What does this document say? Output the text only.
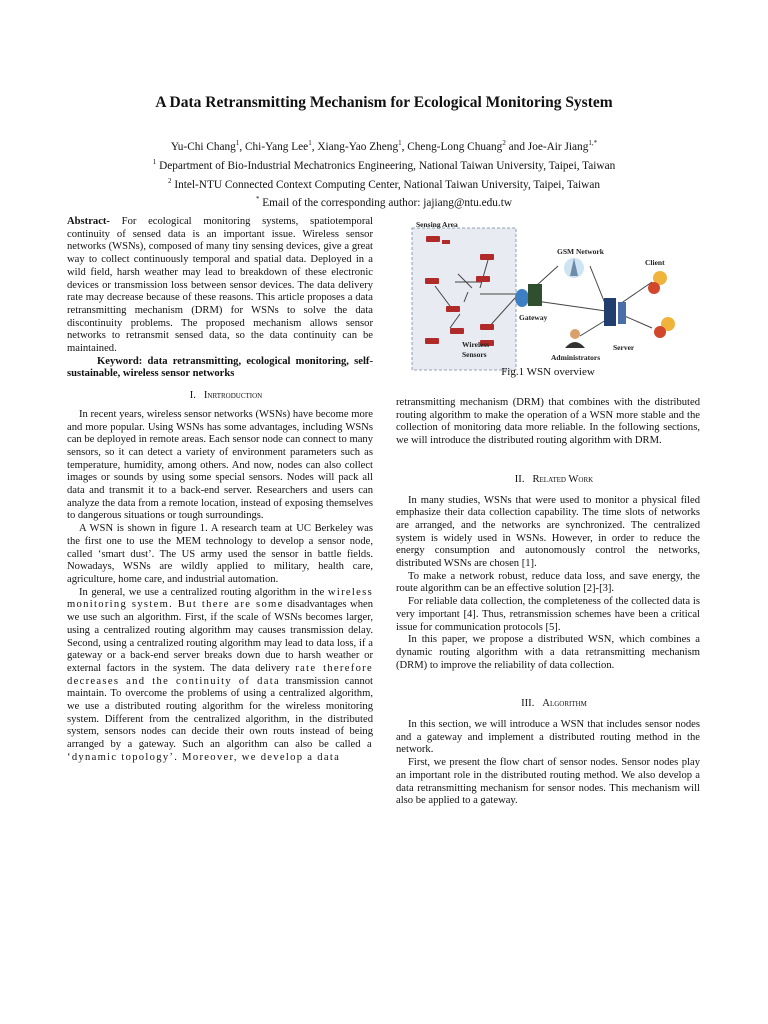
A Data Retransmitting Mechanism for Ecological Monitoring System
Yu-Chi Chang$^1$, Chi-Yang Lee$^1$, Xiang-Yao Zheng$^1$, Cheng-Long Chuang$^2$ and Joe-Air Jiang$^{1,*}$
$^1$ Department of Bio-Industrial Mechatronics Engineering, National Taiwan University, Taipei, Taiwan
$^2$ Intel-NTU Connected Context Computing Center, National Taiwan University, Taipei, Taiwan
* Email of the corresponding author: jajiang@ntu.edu.tw

Abstract- For ecological monitoring systems, spatiotemporal continuity of sensed data is an important issue. Wireless sensor networks (WSNs), composed of many tiny sensing devices, give a great way to collect continuously temporal and spatial data. Deployed in a wild field, harsh weather may lead to breakdown of these electronic devices or transmission loss between sensor devices. The data delivery rate may decrease because of these reasons. This article proposes a data retransmitting mechanism (DRM) for WSNs to solve the data discontinuity problems. The proposed mechanism allows sensor networks to retransmit sensed data, so the data continuity can be maintained.

Keyword: data retransmitting, ecological monitoring, self-sustainable, wireless sensor networks

I. Inrtroduction

In recent years, wireless sensor networks (WSNs) have become more and more popular. Using WSNs has some advantages, including WSNs can be deployed in remote areas. Each sensor node can connect to many sensors, so it can detect a variety of environment parameters such as temperature, humidity, among others. And now, nodes can also collect images or sounds by using some special sensors. Nodes will pack all data and transmit it to a back-end server. Researchers and users can analyze the data from a remote location, instead of exposing themselves to dangerous situations or tough surroundings.

A WSN is shown in figure 1. A research team at UC Berkeley was the first one to use the MEM technology to develop a sensor node, called ‘smart dust’. The US army used the sensor in battle fields. Nowadays, WSNs are wildly applied to military, health care, agriculture, home care, and industrial automation.

In general, we use a centralized routing algorithm in the wireless monitoring system. But there are some disadvantages when we use such an algorithm. First, if the scale of WSNs becomes larger, using a centralized routing algorithm may causes transmission delay. Second, using a centralized routing algorithm may lead to data loss, if a gateway or a back-end server breaks down due to harsh weather or external factors in the system. The data delivery rate therefore decreases and the continuity of data transmission cannot maintain. To overcome the problems of using a centralized algorithm, we use a distributed routing algorithm for the wireless monitoring system. Different from the centralized algorithm, in the distributed system, sensors nodes can decide their own routs instead of being arranged by a gateway. Such an algorithm can also be called a ‘dynamic topology’. Moreover, we develop a data

Sensing Area
Gateway
GSM Network
Server
Administrators
Client
Wireless
Sensors
Fig.1 WSN overview

retransmitting mechanism (DRM) that combines with the distributed routing algorithm to make the operation of a WSN more stable and the collection of monitoring data more reliable. In the following sections, we will introduce the distributed routing algorithm with DRM.

II. Related Work

In many studies, WSNs that were used to monitor a physical filed emphasize their data collection capability. The time slots of networks are arranged, and the networks are synchronized. The centralized system is widely used in WSNs. However, in order to reduce the energy consumption and autonomously control the networks, distributed WSNs are chosen [1].

To make a network robust, reduce data loss, and save energy, the route algorithm can be an effective solution [2]-[3].

For reliable data collection, the completeness of the collected data is very important [4]. Thus, retransmission schemes have been a critical issue for communication protocols [5].

In this paper, we propose a distributed WSN, which combines a dynamic routing algorithm with a data retransmitting mechanism (DRM) to improve the reliability of data collection.

III. Algorithm

In this section, we will introduce a WSN that includes sensor nodes and a gateway and implement a distributed routing method in the network.

First, we present the flow chart of sensor nodes. Sensor nodes play an important role in the distributed routing method. We also develop a data retransmitting mechanism for sensor nodes. This mechanism will also be applied to a gateway.
